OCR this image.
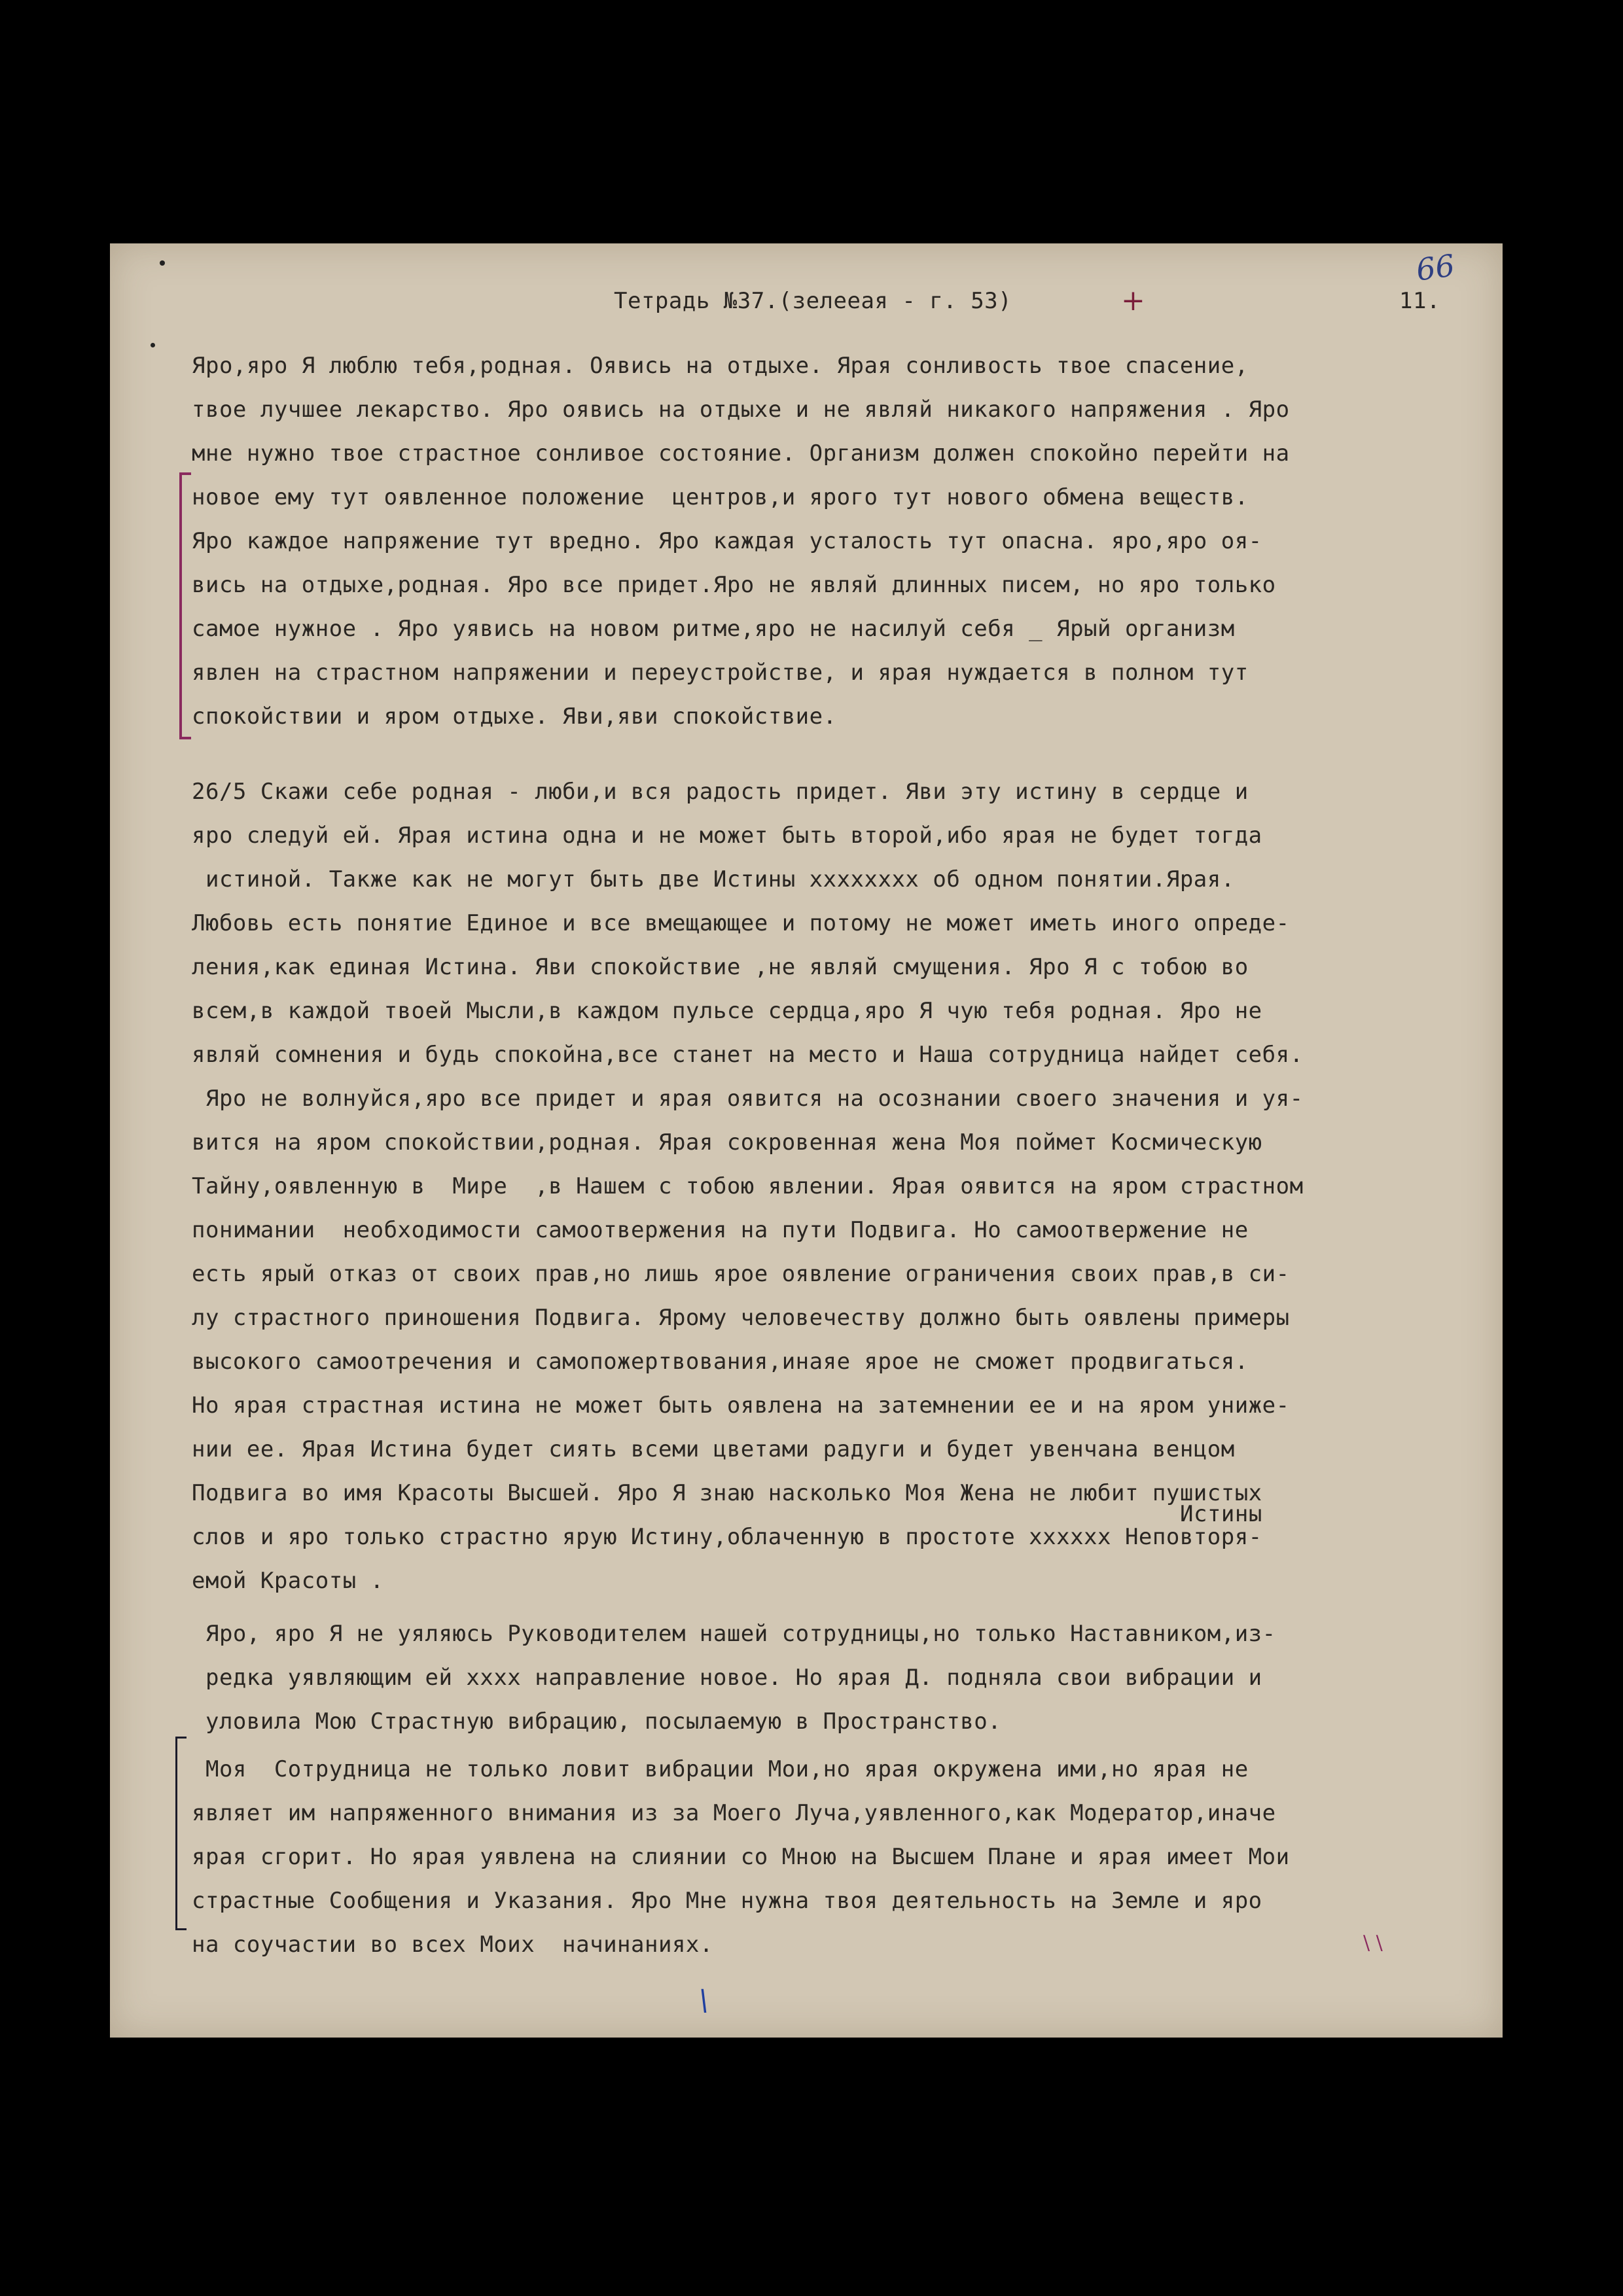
Тетрадь №37.(зелееая - г. 53)	+	11.
66
Яро,яро Я люблю тебя,родная. Оявись на отдыхе. Ярая сонливость твое спасение,
твое лучшее лекарство. Яро оявись на отдыхе и не являй никакого напряжения . Яро
мне нужно твое страстное сонливое состояние. Организм должен спокойно перейти на
новое ему тут оявленное положение  центров,и ярого тут нового обмена веществ.
Яро каждое напряжение тут вредно. Яро каждая усталость тут опасна. яро,яро оя-
вись на отдыхе,родная. Яро все придет.Яро не являй длинных писем, но яро только
самое нужное . Яро уявись на новом ритме,яро не насилуй себя _ Ярый организм
явлен на страстном напряжении и переустройстве, и ярая нуждается в полном тут
спокойствии и яром отдыхе. Яви,яви спокойствие.
26/5 Скажи себе родная - люби,и вся радость придет. Яви эту истину в сердце и
яро следуй ей. Ярая истина одна и не может быть второй,ибо ярая не будет тогда
истиной. Также как не могут быть две Истины хххххххх об одном понятии.Ярая.
Любовь есть понятие Единое и все вмещающее и потому не может иметь иного опреде-
ления,как единая Истина. Яви спокойствие ,не являй смущения. Яро Я с тобою во
всем,в каждой твоей Мысли,в каждом пульсе сердца,яро Я чую тебя родная. Яро не
являй сомнения и будь спокойна,все станет на место и Наша сотрудница найдет себя.
Яро не волнуйся,яро все придет и ярая оявится на осознании своего значения и уя-
вится на яром спокойствии,родная. Ярая сокровенная жена Моя поймет Космическую
Тайну,оявленную в  Мире  ,в Нашем с тобою явлении. Ярая оявится на яром страстном
понимании  необходимости самоотвержения на пути Подвига. Но самоотвержение не
есть ярый отказ от своих прав,но лишь ярое оявление ограничения своих прав,в си-
лу страстного приношения Подвига. Ярому человечеству должно быть оявлены примеры
высокого самоотречения и самопожертвования,инаяе ярое не сможет продвигаться.
Но ярая страстная истина не может быть оявлена на затемнении ее и на яром униже-
нии ее. Ярая Истина будет сиять всеми цветами радуги и будет увенчана венцом
Подвига во имя Красоты Высшей. Яро Я знаю насколько Моя Жена не любит пушистых
Истины
слов и яро только страстно ярую Истину,облаченную в простоте хххххх Неповторя-
емой Красоты .
Яро, яро Я не уяляюсь Руководителем нашей сотрудницы,но только Наставником,из-
редка уявляющим ей хххх направление новое. Но ярая Д. подняла свои вибрации и
уловила Мою Страстную вибрацию, посылаемую в Пространство.
Моя  Сотрудница не только ловит вибрации Мои,но ярая окружена ими,но ярая не
являет им напряженного внимания из за Моего Луча,уявленного,как Модератор,иначе
ярая сгорит. Но ярая уявлена на слиянии со Мною на Высшем Плане и ярая имеет Мои
страстные Сообщения и Указания. Яро Мне нужна твоя деятельность на Земле и яро
на соучастии во всех Моих  начинаниях.	\ \
\
